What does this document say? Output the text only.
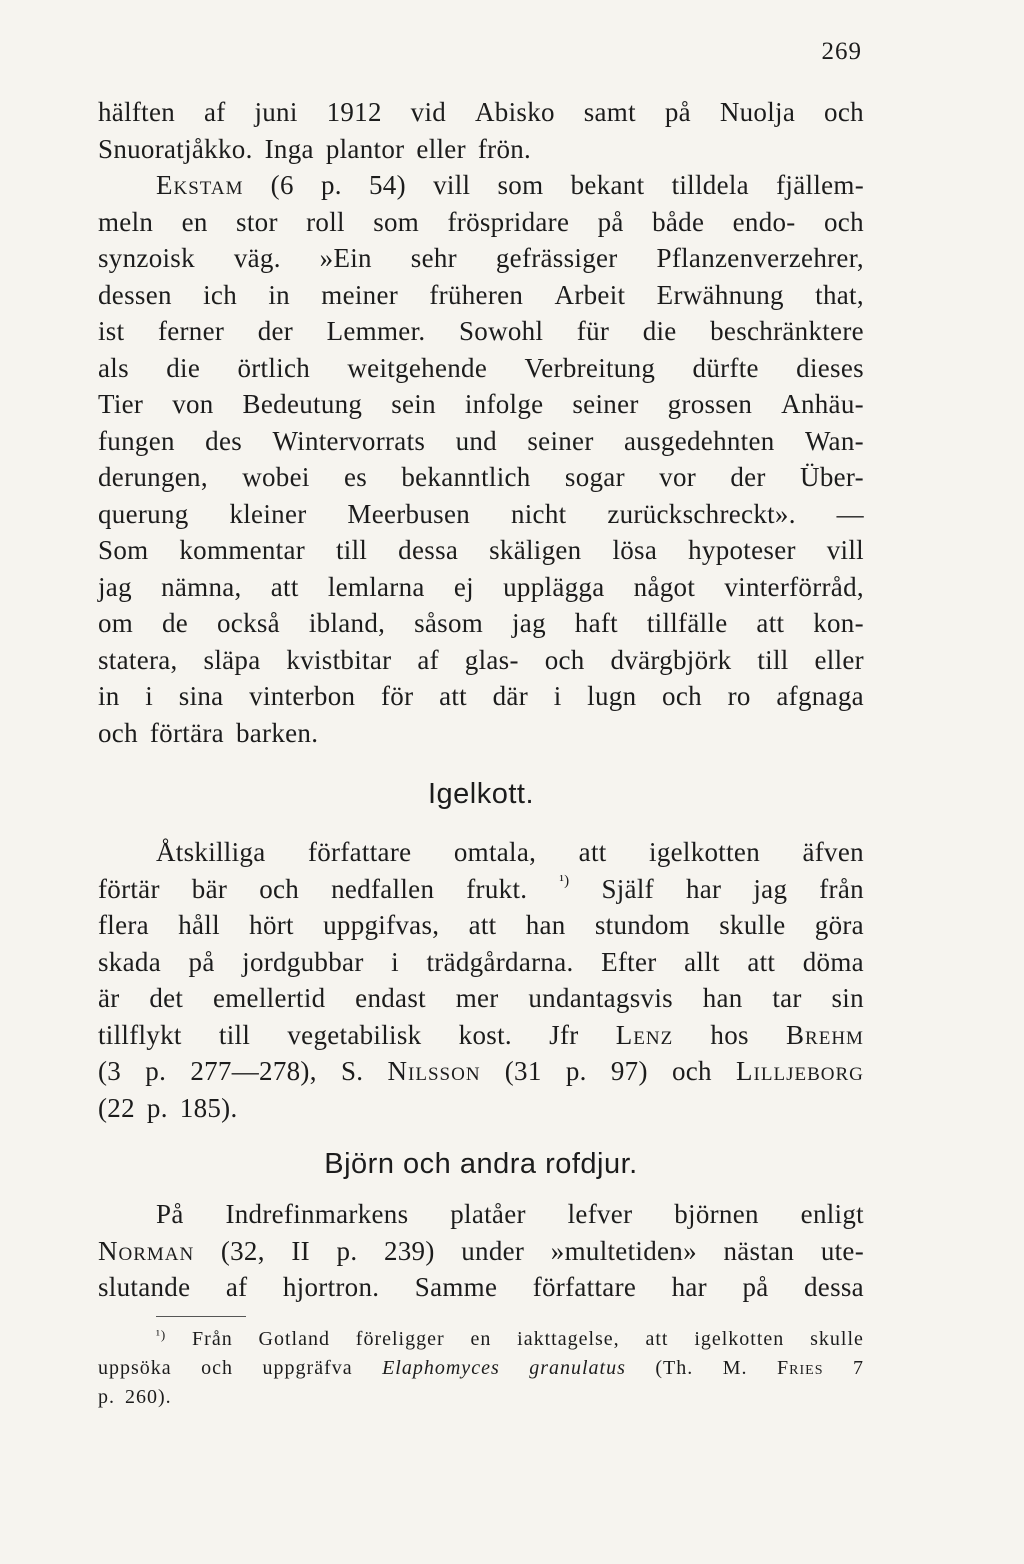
269
hälften af juni 1912 vid Abisko samt på Nuolja och
Snuoratjåkko. Inga plantor eller frön.
Ekstam (6 p. 54) vill som bekant tilldela fjällem-
meln en stor roll som fröspridare på både endo- och
synzoisk väg. »Ein sehr gefrässiger Pflanzenverzehrer,
dessen ich in meiner früheren Arbeit Erwähnung that,
ist ferner der Lemmer. Sowohl für die beschränktere
als die örtlich weitgehende Verbreitung dürfte dieses
Tier von Bedeutung sein infolge seiner grossen Anhäu-
fungen des Wintervorrats und seiner ausgedehnten Wan-
derungen, wobei es bekanntlich sogar vor der Über-
querung kleiner Meerbusen nicht zurückschreckt». —
Som kommentar till dessa skäligen lösa hypoteser vill
jag nämna, att lemlarna ej upplägga något vinterförråd,
om de också ibland, såsom jag haft tillfälle att kon-
statera, släpa kvistbitar af glas- och dvärgbjörk till eller
in i sina vinterbon för att där i lugn och ro afgnaga
och förtära barken.
Igelkott.
Åtskilliga författare omtala, att igelkotten äfven
förtär bär och nedfallen frukt. $^{^1)}$ Själf har jag från
flera håll hört uppgifvas, att han stundom skulle göra
skada på jordgubbar i trädgårdarna. Efter allt att döma
är det emellertid endast mer undantagsvis han tar sin
tillflykt till vegetabilisk kost. Jfr Lenz hos Brehm
(3 p. 277—278), S. Nilsson (31 p. 97) och Lilljeborg
(22 p. 185).
Björn och andra rofdjur.
På Indrefinmarkens platåer lefver björnen enligt
Norman (32, II p. 239) under »multetiden» nästan ute-
slutande af hjortron. Samme författare har på dessa
$^{^1)}$ Från Gotland föreligger en iakttagelse, att igelkotten skulle
uppsöka och uppgräfva Elaphomyces granulatus (Th. M. Fries 7
p. 260).
